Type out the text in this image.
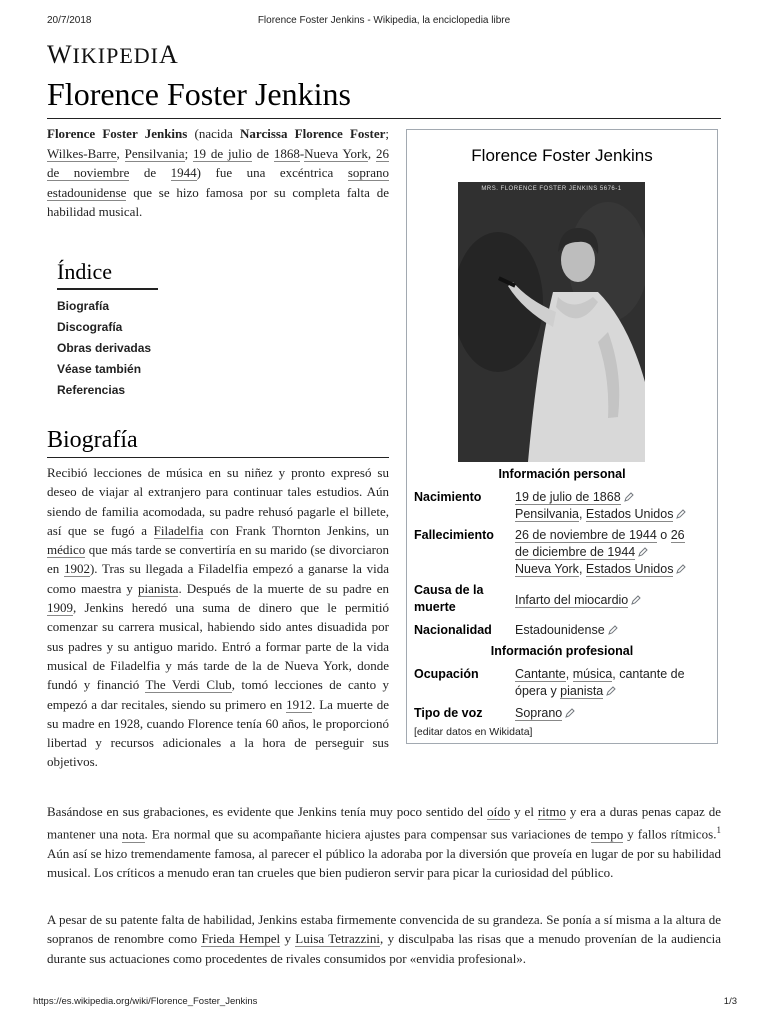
20/7/2018	Florence Foster Jenkins - Wikipedia, la enciclopedia libre
WIKIPEDIA
Florence Foster Jenkins

Florence Foster Jenkins (nacida Narcissa Florence Foster; Wilkes-Barre, Pensilvania; 19 de julio de 1868-Nueva York, 26 de noviembre de 1944) fue una excéntrica soprano estadounidense que se hizo famosa por su completa falta de habilidad musical.

Índice
Biografía
Discografía
Obras derivadas
Véase también
Referencias
Biografía

Recibió lecciones de música en su niñez y pronto expresó su deseo de viajar al extranjero para continuar tales estudios. Aún siendo de familia acomodada, su padre rehusó pagarle el billete, así que se fugó a Filadelfia con Frank Thornton Jenkins, un médico que más tarde se convertiría en su marido (se divorciaron en 1902). Tras su llegada a Filadelfia empezó a ganarse la vida como maestra y pianista. Después de la muerte de su padre en 1909, Jenkins heredó una suma de dinero que le permitió comenzar su carrera musical, habiendo sido antes disuadida por sus padres y su antiguo marido. Entró a formar parte de la vida musical de Filadelfia y más tarde de la de Nueva York, donde fundó y financió The Verdi Club, tomó lecciones de canto y empezó a dar recitales, siendo su primero en 1912. La muerte de su madre en 1928, cuando Florence tenía 60 años, le proporcionó libertad y recursos adicionales a la hora de perseguir sus objetivos.

Basándose en sus grabaciones, es evidente que Jenkins tenía muy poco sentido del oído y el ritmo y era a duras penas capaz de mantener una nota. Era normal que su acompañante hiciera ajustes para compensar sus variaciones de tempo y fallos rítmicos.$^1$ Aún así se hizo tremendamente famosa, al parecer el público la adoraba por la diversión que proveía en lugar de por su habilidad musical. Los críticos a menudo eran tan crueles que bien pudieron servir para picar la curiosidad del público.

A pesar de su patente falta de habilidad, Jenkins estaba firmemente convencida de su grandeza. Se ponía a sí misma a la altura de sopranos de renombre como Frieda Hempel y Luisa Tetrazzini, y disculpaba las risas que a menudo provenían de la audiencia durante sus actuaciones como procedentes de rivales consumidos por «envidia profesional».

Florence Foster Jenkins
MRS. FLORENCE FOSTER JENKINS 5676-1
Información personal
Nacimiento	19 de julio de 1868
Pensilvania, Estados Unidos
Fallecimiento	26 de noviembre de 1944 o 26
de diciembre de 1944
Nueva York, Estados Unidos
Causa de la muerte	Infarto del miocardio
Nacionalidad	Estadounidense
Información profesional
Ocupación	Cantante, música, cantante de ópera y pianista
Tipo de voz	Soprano
[editar datos en Wikidata]
https://es.wikipedia.org/wiki/Florence_Foster_Jenkins	1/3
